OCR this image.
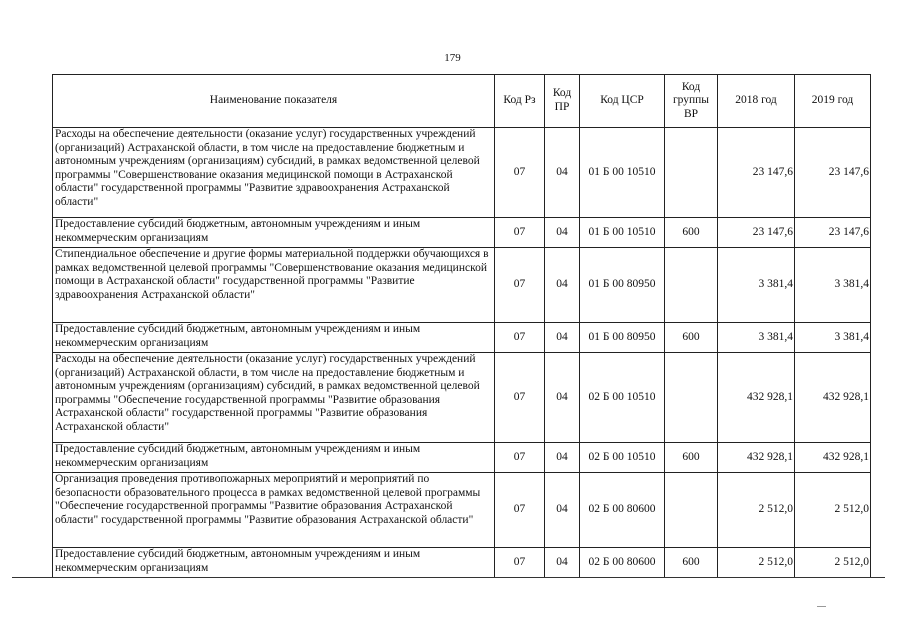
179
Наименование показателя	Код Рз	Код ПР	Код ЦСР	Код группы ВР	2018 год	2019 год
Расходы на обеспечение деятельности (оказание услуг) государственных учреждений (организаций) Астраханской области, в том числе на предоставление бюджетным и автономным учреждениям (организациям) субсидий, в рамках ведомственной целевой программы "Совершенствование оказания медицинской помощи в Астраханской области" государственной программы "Развитие здравоохранения Астраханской области"	07	04	01 Б 00 10510		23 147,6	23 147,6
Предоставление субсидий бюджетным, автономным учреждениям и иным некоммерческим организациям	07	04	01 Б 00 10510	600	23 147,6	23 147,6
Стипендиальное обеспечение и другие формы материальной поддержки обучающихся в рамках ведомственной целевой программы "Совершенствование оказания медицинской помощи в Астраханской области" государственной программы "Развитие здравоохранения Астраханской области"	07	04	01 Б 00 80950		3 381,4	3 381,4
Предоставление субсидий бюджетным, автономным учреждениям и иным некоммерческим организациям	07	04	01 Б 00 80950	600	3 381,4	3 381,4
Расходы на обеспечение деятельности (оказание услуг) государственных учреждений (организаций) Астраханской области, в том числе на предоставление бюджетным и автономным учреждениям (организациям) субсидий, в рамках ведомственной целевой программы "Обеспечение государственной программы "Развитие образования Астраханской области" государственной программы "Развитие образования Астраханской области"	07	04	02 Б 00 10510		432 928,1	432 928,1
Предоставление субсидий бюджетным, автономным учреждениям и иным некоммерческим организациям	07	04	02 Б 00 10510	600	432 928,1	432 928,1
Организация проведения противопожарных мероприятий и мероприятий по безопасности образовательного процесса в рамках ведомственной целевой программы "Обеспечение государственной программы "Развитие образования Астраханской области" государственной программы "Развитие образования Астраханской области"	07	04	02 Б 00 80600		2 512,0	2 512,0
Предоставление субсидий бюджетным, автономным учреждениям и иным некоммерческим организациям	07	04	02 Б 00 80600	600	2 512,0	2 512,0
